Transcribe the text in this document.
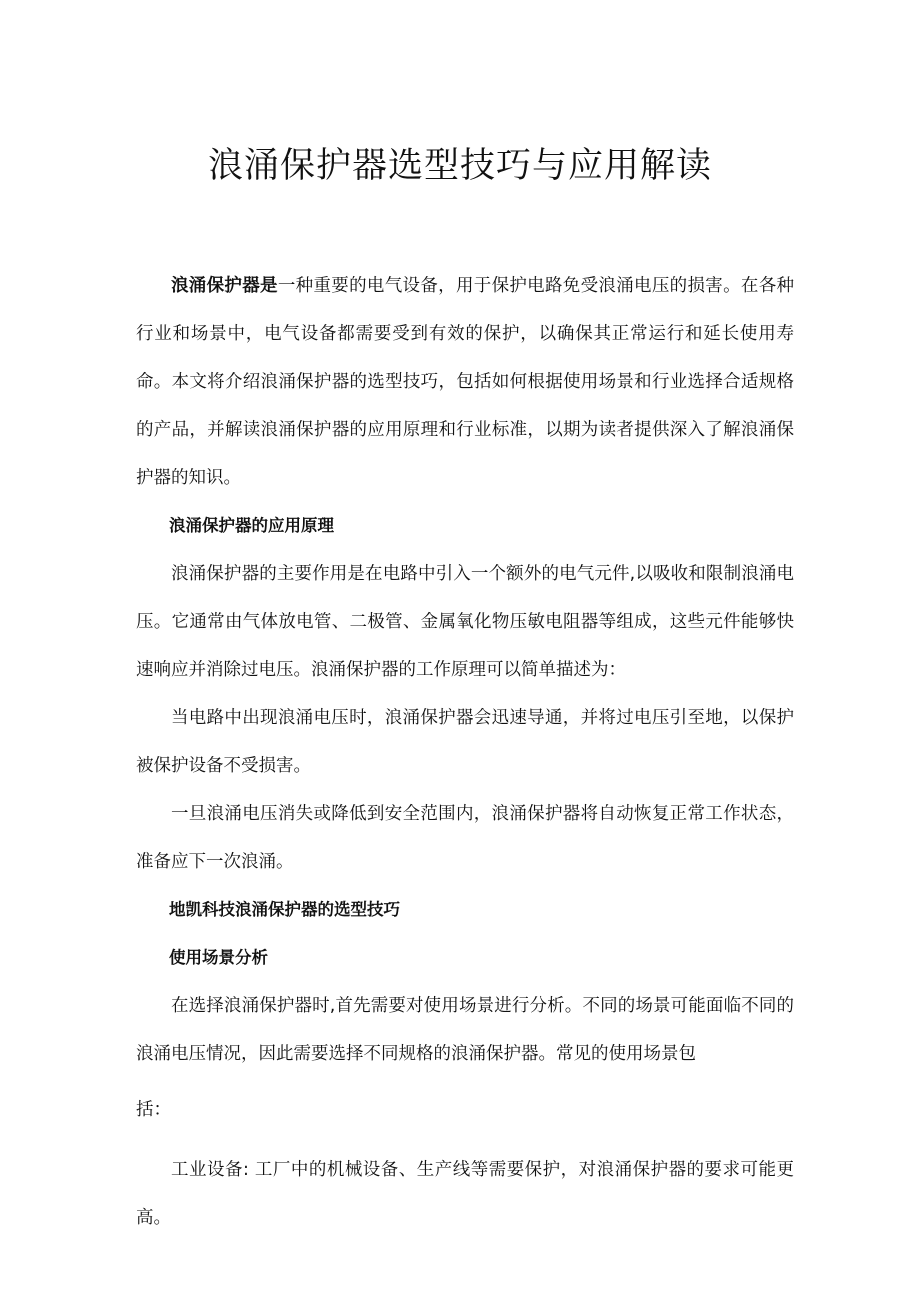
浪涌保护器选型技巧与应用解读

浪涌保护器是一种重要的电气设备，用于保护电路免受浪涌电压的损害。在各种行业和场景中，电气设备都需要受到有效的保护，以确保其正常运行和延长使用寿命。本文将介绍浪涌保护器的选型技巧，包括如何根据使用场景和行业选择合适规格的产品，并解读浪涌保护器的应用原理和行业标准，以期为读者提供深入了解浪涌保护器的知识。

浪涌保护器的应用原理

浪涌保护器的主要作用是在电路中引入一个额外的电气元件,以吸收和限制浪涌电压。它通常由气体放电管、二极管、金属氧化物压敏电阻器等组成，这些元件能够快速响应并消除过电压。浪涌保护器的工作原理可以简单描述为：

当电路中出现浪涌电压时，浪涌保护器会迅速导通，并将过电压引至地，以保护被保护设备不受损害。

一旦浪涌电压消失或降低到安全范围内，浪涌保护器将自动恢复正常工作状态，准备应下一次浪涌。

地凯科技浪涌保护器的选型技巧

使用场景分析

在选择浪涌保护器时,首先需要对使用场景进行分析。不同的场景可能面临不同的浪涌电压情况，因此需要选择不同规格的浪涌保护器。常见的使用场景包

括：

工业设备: 工厂中的机械设备、生产线等需要保护，对浪涌保护器的要求可能更高。
